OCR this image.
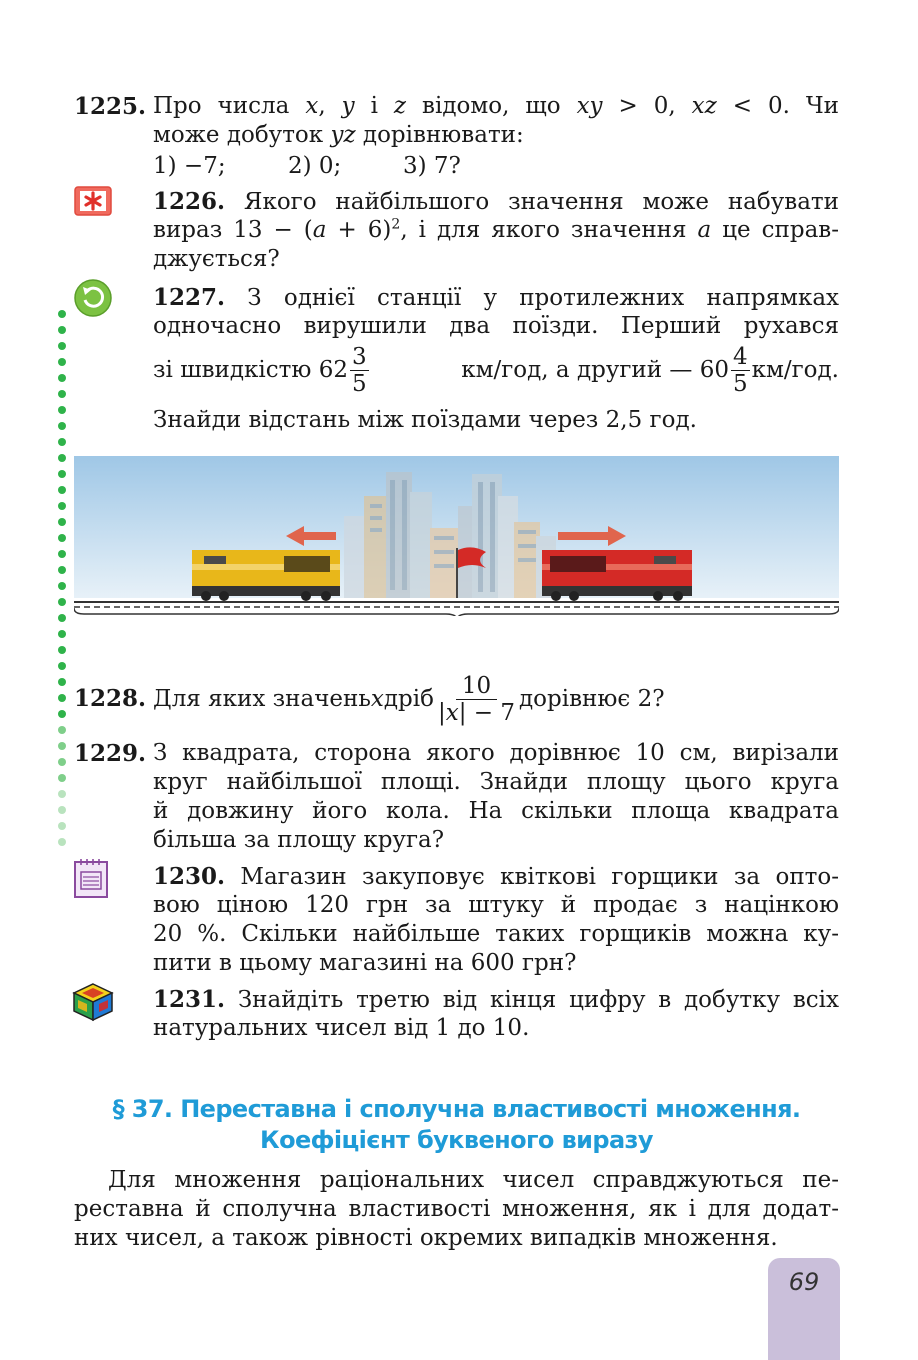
1225. Про числа x, y і z відомо, що xy > 0, xz < 0. Чи
може добуток yz дорівнювати:
1) −7;	2) 0;	3) 7?
1226. Якого найбільшого значення може набувати
вираз $13 - (a + 6)^2$, і для якого значення a це справ-
джується?
1227. З однієї станції у протилежних напрямках
одночасно вирушили два поїзди. Перший рухався
зі швидкістю $62 \frac{3}{5}$	км/год, а другий — $60 \frac{4}{5} км/год$.
Знайди відстань між поїздами через 2,5 год.
1228. Для яких значень x дріб $\frac{10}{|x| - 7}$ дорівнює 2?
1229. З квадрата, сторона якого дорівнює 10 см, вирізали
круг найбільшої площі. Знайди площу цього круга
й довжину його кола. На скільки площа квадрата
більша за площу круга?
1230. Магазин закуповує квіткові горщики за опто-
вою ціною 120 грн за штуку й продає з націнкою
20 %. Скільки найбільше таких горщиків можна ку-
пити в цьому магазині на 600 грн?
1231. Знайдіть третю від кінця цифру в добутку всіх
натуральних чисел від 1 до 10.
§ 37. Переставна і сполучна властивості множення.
Коефіцієнт буквеного виразу
Для множення раціональних чисел справджуються пе-
реставна й сполучна властивості множення, як і для додат-
них чисел, а також рівності окремих випадків множення.
69
